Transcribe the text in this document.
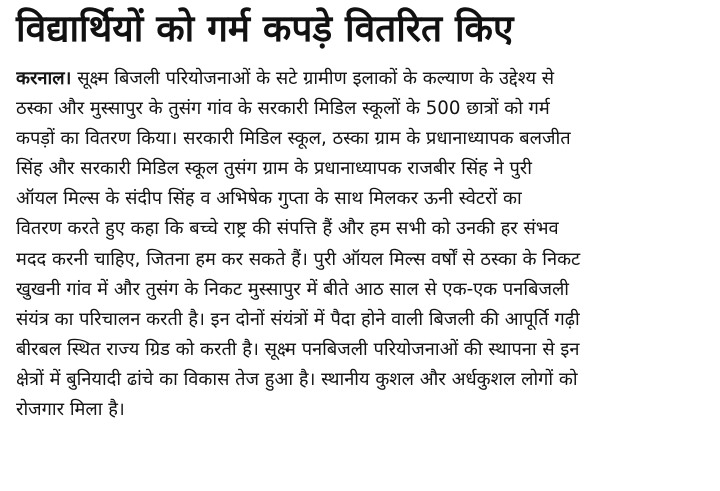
विद्यार्थियों को गर्म कपड़े वितरित किए
करनाल। सूक्ष्म बिजली परियोजनाओं के सटे ग्रामीण इलाकों के कल्याण के उद्देश्य से
ठस्का और मुस्सापुर के तुसंग गांव के सरकारी मिडिल स्कूलों के 500 छात्रों को गर्म
कपड़ों का वितरण किया। सरकारी मिडिल स्कूल, ठस्का ग्राम के प्रधानाध्यापक बलजीत
सिंह और सरकारी मिडिल स्कूल तुसंग ग्राम के प्रधानाध्यापक राजबीर सिंह ने पुरी
ऑयल मिल्स के संदीप सिंह व अभिषेक गुप्ता के साथ मिलकर ऊनी स्वेटरों का
वितरण करते हुए कहा कि बच्चे राष्ट्र की संपत्ति हैं और हम सभी को उनकी हर संभव
मदद करनी चाहिए, जितना हम कर सकते हैं। पुरी ऑयल मिल्स वर्षों से ठस्का के निकट
खुखनी गांव में और तुसंग के निकट मुस्सापुर में बीते आठ साल से एक-एक पनबिजली
संयंत्र का परिचालन करती है। इन दोनों संयंत्रों में पैदा होने वाली बिजली की आपूर्ति गढ़ी
बीरबल स्थित राज्य ग्रिड को करती है। सूक्ष्म पनबिजली परियोजनाओं की स्थापना से इन
क्षेत्रों में बुनियादी ढांचे का विकास तेज हुआ है। स्थानीय कुशल और अर्धकुशल लोगों को
रोजगार मिला है।
